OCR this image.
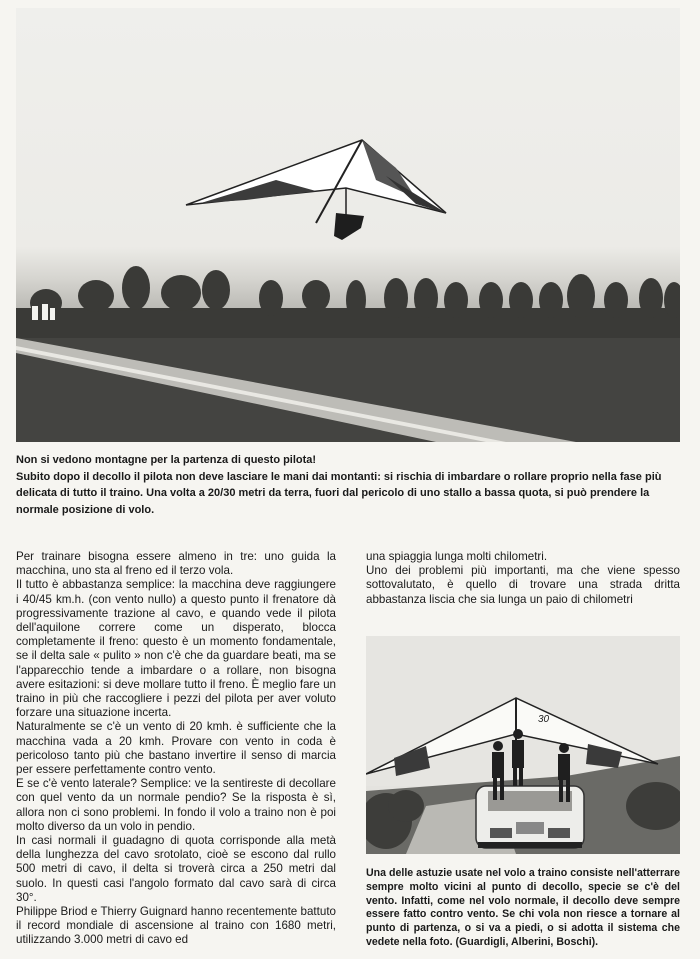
Non si vedono montagne per la partenza di questo pilota!

Subito dopo il decollo il pilota non deve lasciare le mani dai montanti: si rischia di imbardare o rollare proprio nella fase più delicata di tutto il traino. Una volta a 20/30 metri da terra, fuori dal pericolo di uno stallo a bassa quota, si può prendere la normale posizione di volo.

Per trainare bisogna essere almeno in tre: uno guida la macchina, uno sta al freno ed il terzo vola.

Il tutto è abbastanza semplice: la macchina deve raggiungere i 40/45 km.h. (con vento nullo) a questo punto il frenatore dà progressivamente trazione al cavo, e quando vede il pilota dell'aquilone correre come un disperato, blocca completamente il freno: questo è un momento fondamentale, se il delta sale « pulito » non c'è che da guardare beati, ma se l'apparecchio tende a imbardare o a rollare, non bisogna avere esitazioni: si deve mollare tutto il freno. È meglio fare un traino in più che raccogliere i pezzi del pilota per aver voluto forzare una situazione incerta.

Naturalmente se c'è un vento di 20 kmh. è sufficiente che la macchina vada a 20 kmh. Provare con vento in coda è pericoloso tanto più che bastano invertire il senso di marcia per essere perfettamente contro vento.

E se c'è vento laterale? Semplice: ve la sentireste di decollare con quel vento da un normale pendio? Se la risposta è sì, allora non ci sono problemi. In fondo il volo a traino non è poi molto diverso da un volo in pendio.

In casi normali il guadagno di quota corrisponde alla metà della lunghezza del cavo srotolato, cioè se escono dal rullo 500 metri di cavo, il delta si troverà circa a 250 metri dal suolo. In questi casi l'angolo formato dal cavo sarà di circa 30°.

Philippe Briod e Thierry Guignard hanno recentemente battuto il record mondiale di ascensione al traino con 1680 metri, utilizzando 3.000 metri di cavo ed

una spiaggia lunga molti chilometri.

Uno dei problemi più importanti, ma che viene spesso sottovalutato, è quello di trovare una strada dritta abbastanza liscia che sia lunga un paio di chilometri

30
Una delle astuzie usate nel volo a traino consiste nell'atterrare sempre molto vicini al punto di decollo, specie se c'è del vento. Infatti, come nel volo normale, il decollo deve sempre essere fatto contro vento. Se chi vola non riesce a tornare al punto di partenza, o si va a piedi, o si adotta il sistema che vedete nella foto. (Guardigli, Alberini, Boschi).
